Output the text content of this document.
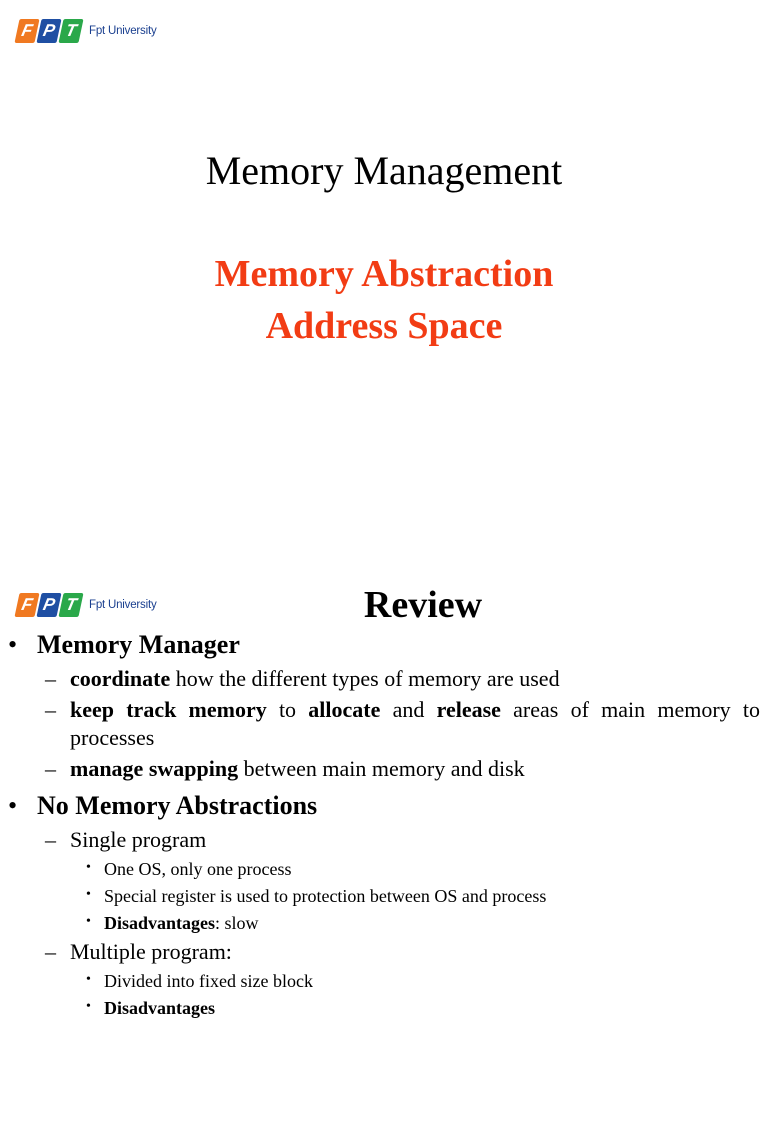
F P T Fpt University
Memory Management
Memory Abstraction
Address Space
F P T Fpt University	Review
• Memory Manager
– coordinate how the different types of memory are used
– keep track memory to allocate and release areas of main memory to processes
– manage swapping between main memory and disk
• No Memory Abstractions
– Single program
• One OS, only one process
• Special register is used to protection between OS and process
• Disadvantages: slow
– Multiple program:
• Divided into fixed size block
• Disadvantages
